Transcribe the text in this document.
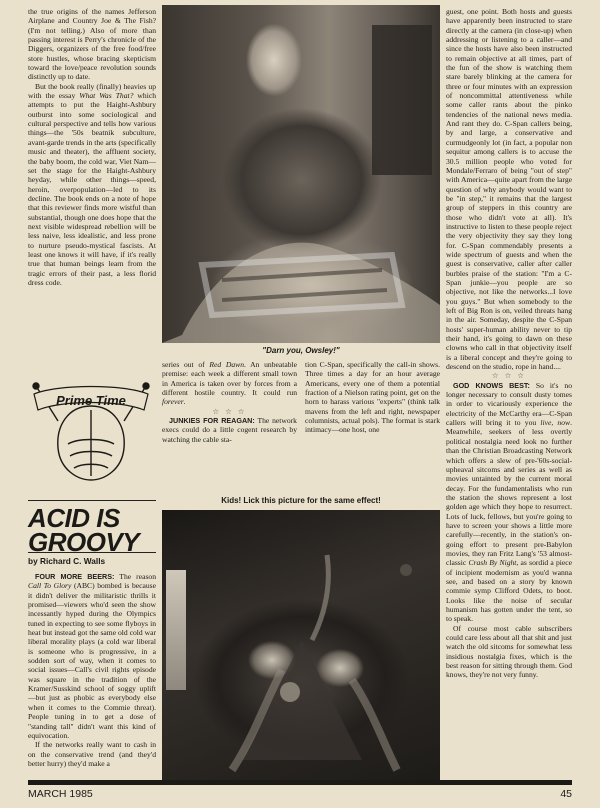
the true origins of the names Jefferson Airplane and Country Joe & The Fish? (I'm not telling.) Also of more than passing interest is Perry's chronicle of the Diggers, organizers of the free food/free store hustles, whose bracing skepticism toward the love/peace revolution sounds distinctly up to date.

But the book really (finally) heavies up with the essay What Was That? which attempts to put the Haight-Ashbury outburst into some sociological and cultural perspective and tells how various things—the '50s beatnik subculture, avant-garde trends in the arts (specifically music and theater), the affluent society, the baby boom, the cold war, Viet Nam—set the stage for the Haight-Ashbury heyday, while other things—speed, heroin, overpopulation—led to its decline. The book ends on a note of hope that this reviewer finds more wistful than substantial, though one does hope that the next visible widespread rebellion will be less naive, less idealistic, and less prone to nurture pseudo-mystical fascists. At least one knows it will have, if it's really true that human beings learn from the tragic errors of their past, a less florid dress code.

"Darn you, Owsley!"
Prime Time

series out of Red Dawn. An unbeatable premise: each week a different small town in America is taken over by forces from a different hostile country. It could run forever.

☆ ☆ ☆

JUNKIES FOR REAGAN: The network execs could do a little cogent research by watching the cable sta-

tion C-Span, specifically the call-in shows. Three times a day for an hour average Americans, every one of them a potential fraction of a Nielson rating point, get on the horn to harass various "experts" (think talk mavens from the left and right, newspaper columnists, actual pols). The format is stark intimacy—one host, one

Kids! Lick this picture for the same effect!
ACID IS
GROOVY
by Richard C. Walls

FOUR MORE BEERS: The reason Call To Glory (ABC) bombed is because it didn't deliver the militaristic thrills it promised—viewers who'd seen the show incessantly hyped during the Olympics tuned in expecting to see some flyboys in heat but instead got the same old cold war liberal morality plays (a cold war liberal is someone who is progressive, in a sodden sort of way, when it comes to social issues—Call's civil rights episode was square in the tradition of the Kramer/Susskind school of soggy uplift—but just as phobic as everybody else when it comes to the Commie threat). People tuning in to get a dose of "standing tall" didn't want this kind of equivocation.

If the networks really want to cash in on the conservative trend (and they'd better hurry) they'd make a

guest, one point. Both hosts and guests have apparently been instructed to stare directly at the camera (in close-up) when addressing or listening to a caller—and since the hosts have also been instructed to remain objective at all times, part of the fun of the show is watching them stare barely blinking at the camera for three or four minutes with an expression of noncommittal attentiveness while some caller rants about the pinko tendencies of the national news media. And rant they do. C-Span callers being, by and large, a conservative and curmudgeonly lot (in fact, a popular non sequitur among callers is to accuse the 30.5 million people who voted for Mondale/Ferraro of being "out of step" with America—quite apart from the large question of why anybody would want to be "in step," it remains that the largest group of steppers in this country are those who didn't vote at all). It's instructive to listen to these people reject the very objectivity they say they long for. C-Span commendably presents a wide spectrum of guests and when the guest is conservative, caller after caller burbles praise of the station: "I'm a C-Span junkie—you people are so objective, not like the networks...I love you guys." But when somebody to the left of Big Ron is on, veiled threats hang in the air. Someday, despite the C-Span hosts' super-human ability never to tip their hand, it's going to dawn on these clowns who call in that objectivity itself is a liberal concept and they're going to descend on the studio, rope in hand....

☆ ☆ ☆

GOD KNOWS BEST: So it's no longer necessary to consult dusty tomes in order to vicariously experience the electricity of the McCarthy era—C-Span callers will bring it to you live, now. Meanwhile, seekers of less overtly political nostalgia need look no further than the Christian Broadcasting Network which offers a slew of pre-'60s-social-upheaval sitcoms and series as well as movies untainted by the current moral decay. For the fundamentalists who run the station the shows represent a lost golden age which they hope to resurrect. Lots of luck, fellows, but you're going to have to screen your shows a little more carefully—recently, in the station's on-going effort to present pre-Babylon movies, they ran Fritz Lang's '53 almost-classic Crash By Night, as sordid a piece of incipient modernism as you'd wanna see, and based on a story by known commie symp Clifford Odets, to boot. Looks like the noise of secular humanism has gotten under the tent, so to speak.

Of course most cable subscribers could care less about all that shit and just watch the old sitcoms for somewhat less insidious nostalgia fixes, which is the best reason for sitting through them. God knows, they're not very funny.

MARCH 1985	45
